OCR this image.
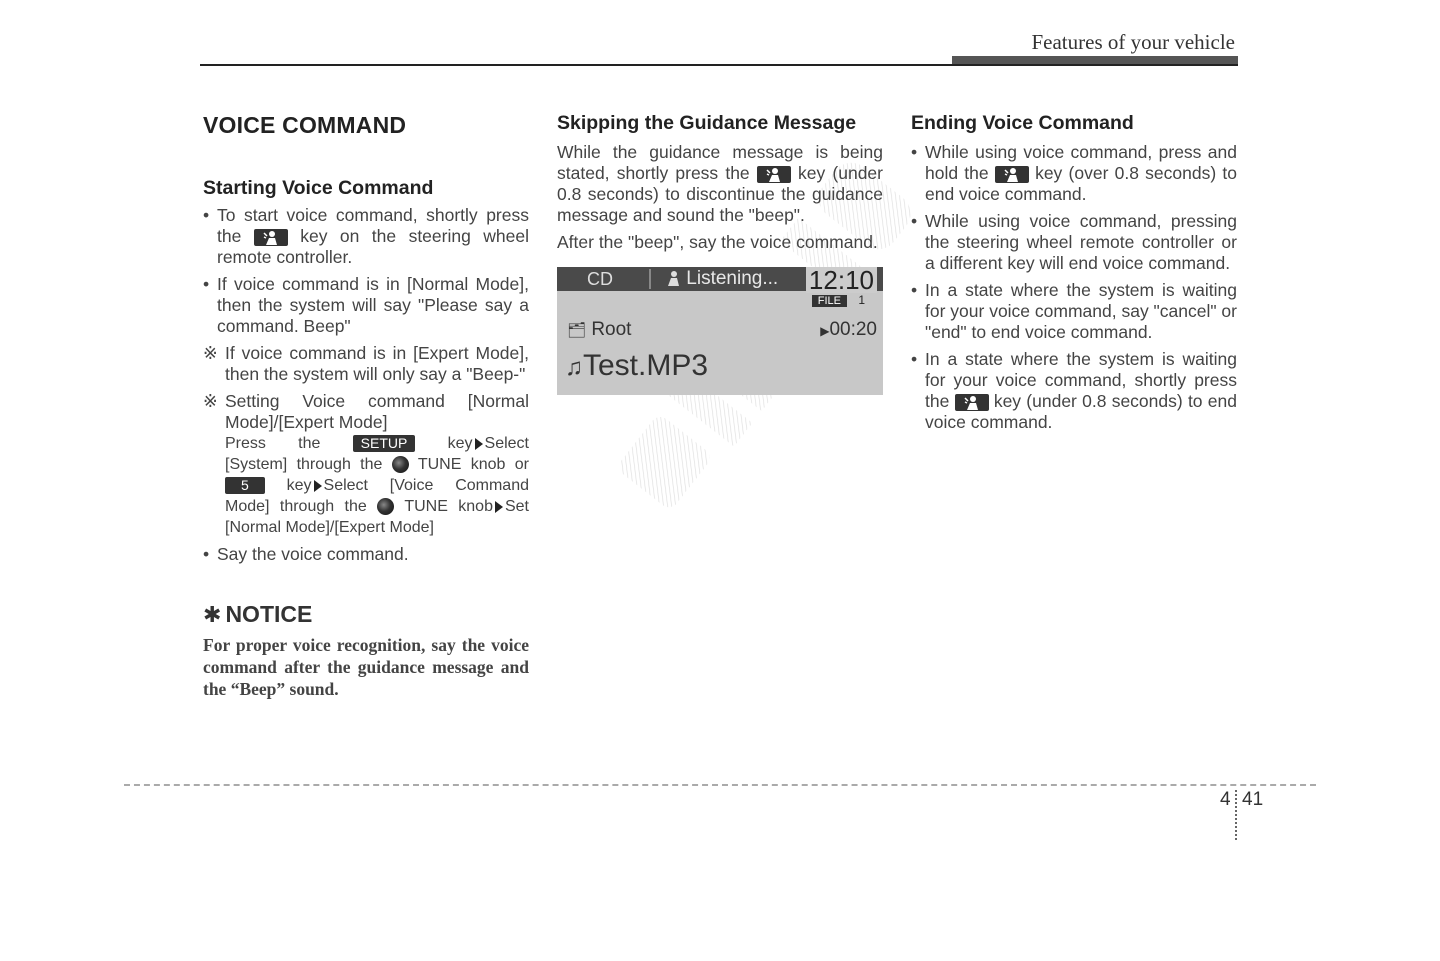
Features of your vehicle
VOICE COMMAND
Starting Voice Command
• To start voice command, shortly press the	key on the steering wheel remote controller.
• If voice command is in [Normal Mode], then the system will say "Please say a command. Beep"
※ If voice command is in [Expert Mode], then the system will only say a "Beep-"
※ Setting Voice command [Normal Mode]/[Expert Mode]
Press the	SETUP	key Select
[System] through the TUNE knob or
5 key Select [Voice Command
Mode] through the TUNE knob Set
[Normal Mode]/[Expert Mode]
• Say the voice command.
✱ NOTICE
For proper voice recognition, say the voice command after the guidance message and the “Beep” sound.
Skipping the Guidance Message
While the guidance message is being stated, shortly press the	key (under 0.8 seconds) to discontinue the guidance message and sound the "beep".
After the "beep", say the voice command.
CD	Listening... 12:10
FILE	1
🗂︎ Root	▶00:20
♫Test.MP3
Ending Voice Command
• While using voice command, press and hold the	key (over 0.8 seconds) to end voice command.
• While using voice command, pressing the steering wheel remote controller or a different key will end voice command.
• In a state where the system is waiting for your voice command, say "cancel" or "end" to end voice command.
• In a state where the system is waiting for your voice command, shortly press the	key (under 0.8 seconds) to end voice command.
4 41
